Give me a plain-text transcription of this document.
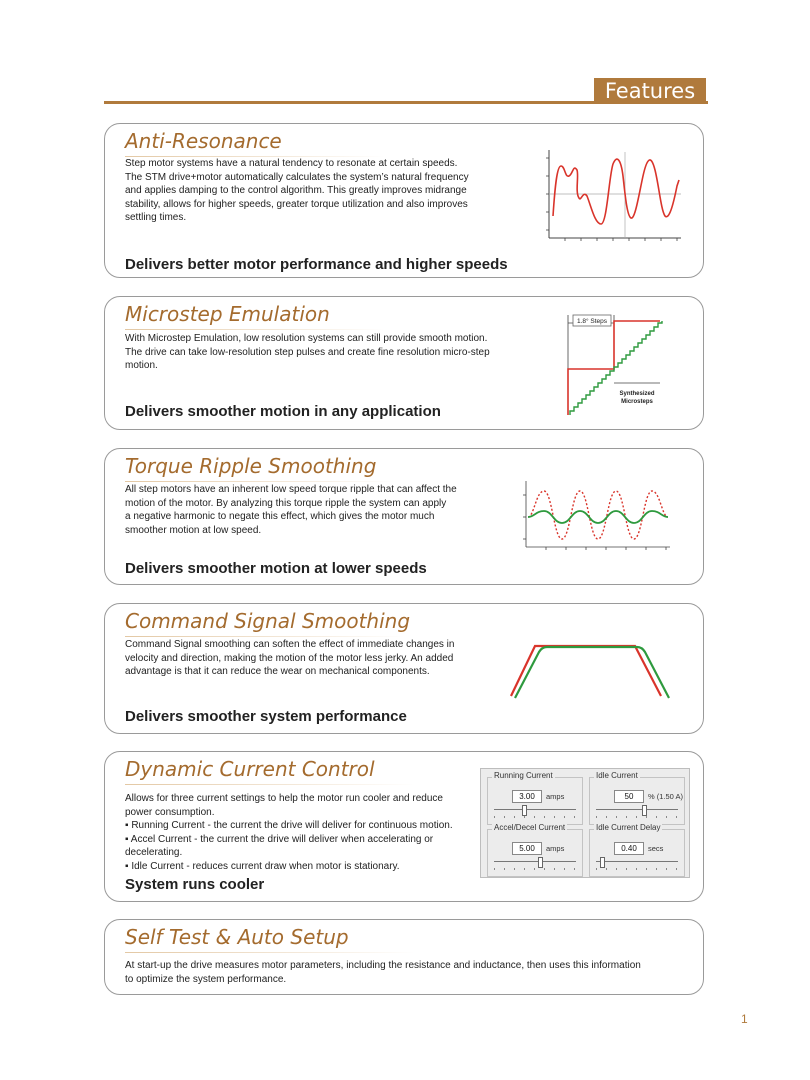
Features
Anti-Resonance
Step motor systems have a natural tendency to resonate at certain speeds.
The STM drive+motor automatically calculates the system’s natural frequency
and applies damping to the control algorithm. This greatly improves midrange
stability, allows for higher speeds, greater torque utilization and also improves
settling times.
Delivers better motor performance and higher speeds
Microstep Emulation
With Microstep Emulation, low resolution systems can still provide smooth motion.
The drive can take low-resolution step pulses and create fine resolution micro-step
motion.
Delivers smoother motion in any application
1.8° Steps
Synthesized
Microsteps
Torque Ripple Smoothing
All step motors have an inherent low speed torque ripple that can affect the
motion of the motor. By analyzing this torque ripple the system can apply
a negative harmonic to negate this effect, which gives the motor much
smoother motion at low speed.
Delivers smoother motion at lower speeds
Command Signal Smoothing
Command Signal smoothing can soften the effect of immediate changes in
velocity and direction, making the motion of the motor less jerky. An added
advantage is that it can reduce the wear on mechanical components.
Delivers smoother system performance
Dynamic Current Control
Allows for three current settings to help the motor run cooler and reduce
power consumption.
▪ Running Current - the current the drive will deliver for continuous motion.
▪ Accel Current - the current the drive will deliver when accelerating or
decelerating.
▪ Idle Current - reduces current draw when motor is stationary.
System runs cooler
Running Current
3.00	amps
Idle Current
50	% (1.50 A)
Accel/Decel Current
5.00	amps
Idle Current Delay
0.40	secs
Self Test & Auto Setup
At start-up the drive measures motor parameters, including the resistance and inductance, then uses this information
to optimize the system performance.
1
